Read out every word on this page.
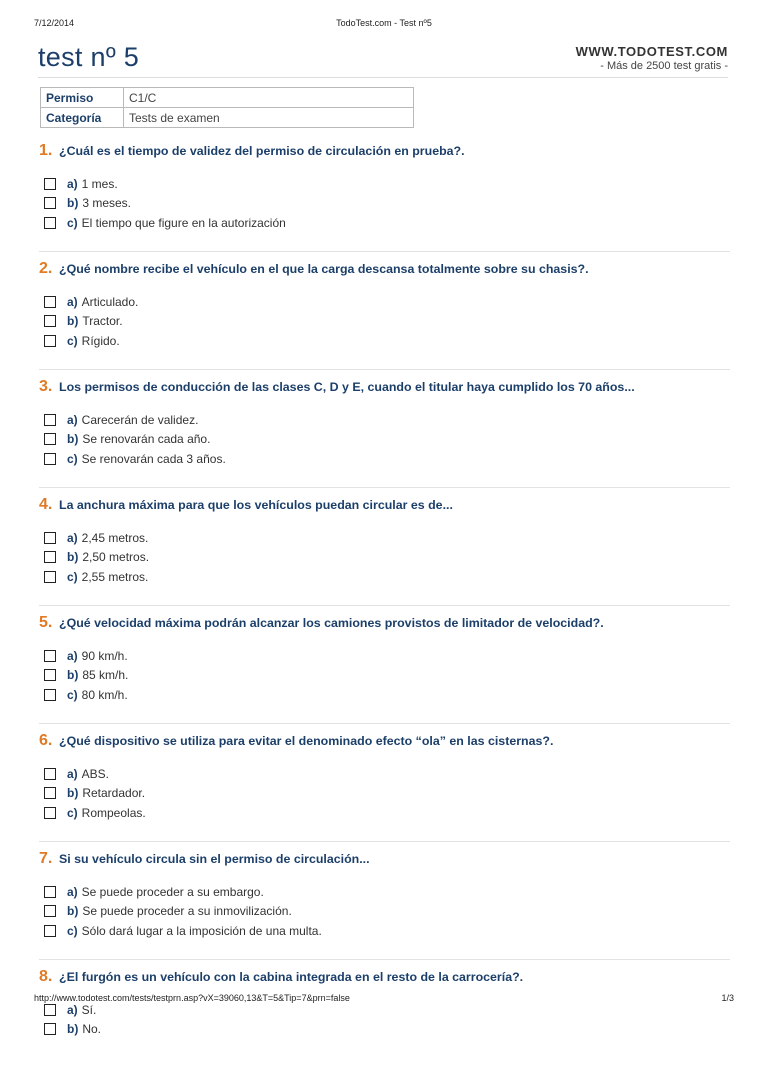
7/12/2014	TodoTest.com - Test nº5
test nº 5	WWW.TODOTEST.COM
- Más de 2500 test gratis -
Permiso	C1/C
Categoría	Tests de examen
1. ¿Cuál es el tiempo de validez del permiso de circulación en prueba?.
a) 1 mes.
b) 3 meses.
c) El tiempo que figure en la autorización
2. ¿Qué nombre recibe el vehículo en el que la carga descansa totalmente sobre su chasis?.
a) Articulado.
b) Tractor.
c) Rígido.
3. Los permisos de conducción de las clases C, D y E, cuando el titular haya cumplido los 70 años...
a) Carecerán de validez.
b) Se renovarán cada año.
c) Se renovarán cada 3 años.
4. La anchura máxima para que los vehículos puedan circular es de...
a) 2,45 metros.
b) 2,50 metros.
c) 2,55 metros.
5. ¿Qué velocidad máxima podrán alcanzar los camiones provistos de limitador de velocidad?.
a) 90 km/h.
b) 85 km/h.
c) 80 km/h.
6. ¿Qué dispositivo se utiliza para evitar el denominado efecto “ola” en las cisternas?.
a) ABS.
b) Retardador.
c) Rompeolas.
7. Si su vehículo circula sin el permiso de circulación...
a) Se puede proceder a su embargo.
b) Se puede proceder a su inmovilización.
c) Sólo dará lugar a la imposición de una multa.
8. ¿El furgón es un vehículo con la cabina integrada en el resto de la carrocería?.
a) Sí.
b) No.
http://www.todotest.com/tests/testprn.asp?vX=39060,13&T=5&Tip=7&prn=false	1/3
